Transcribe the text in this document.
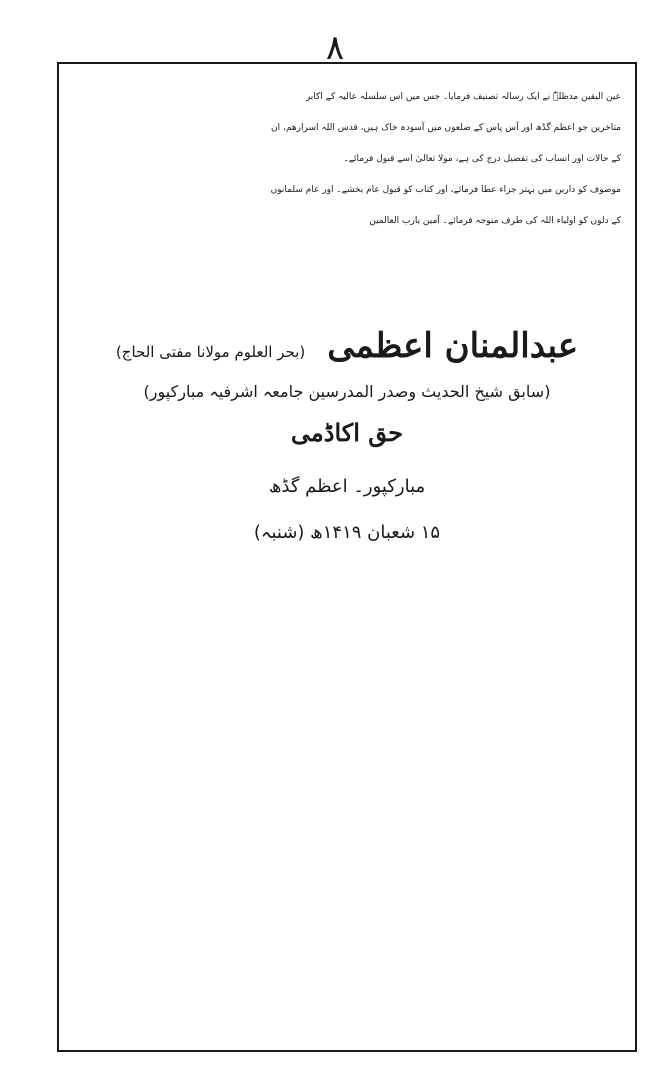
۸
عین الیقین مدظلہٗ نے ایک رسالہ تصنیف فرمایا۔ جس میں اس سلسلہ عالیہ کے اکابر
متاخرین جو اعظم گڈھ اور آس پاس کے ضلعوں میں آسودہ خاک ہیں، قدس اللہ اسرارھم، ان
کے حالات اور انساب کی تفصیل درج کی ہے، مولا تعالیٰ اسے قبول فرمائے۔
موصوف کو دارین میں بہتر جزاء عطا فرمائے، اور کتاب کو قبول عام بخشے۔ اور عام سلمانوں
کے دلوں کو اولیاء اللہ کی طرف متوجہ فرمائے۔ آمین یارب العالمین
عبدالمنان اعظمی
(بحر العلوم مولانا مفتی الحاج)
(سابق شیخ الحدیث وصدر المدرسین جامعہ اشرفیہ مبارکپور)
حق اکاڈمی
مبارکپور۔ اعظم گڈھ
۱۵ شعبان ۱۴۱۹ھ (شنبہ)
